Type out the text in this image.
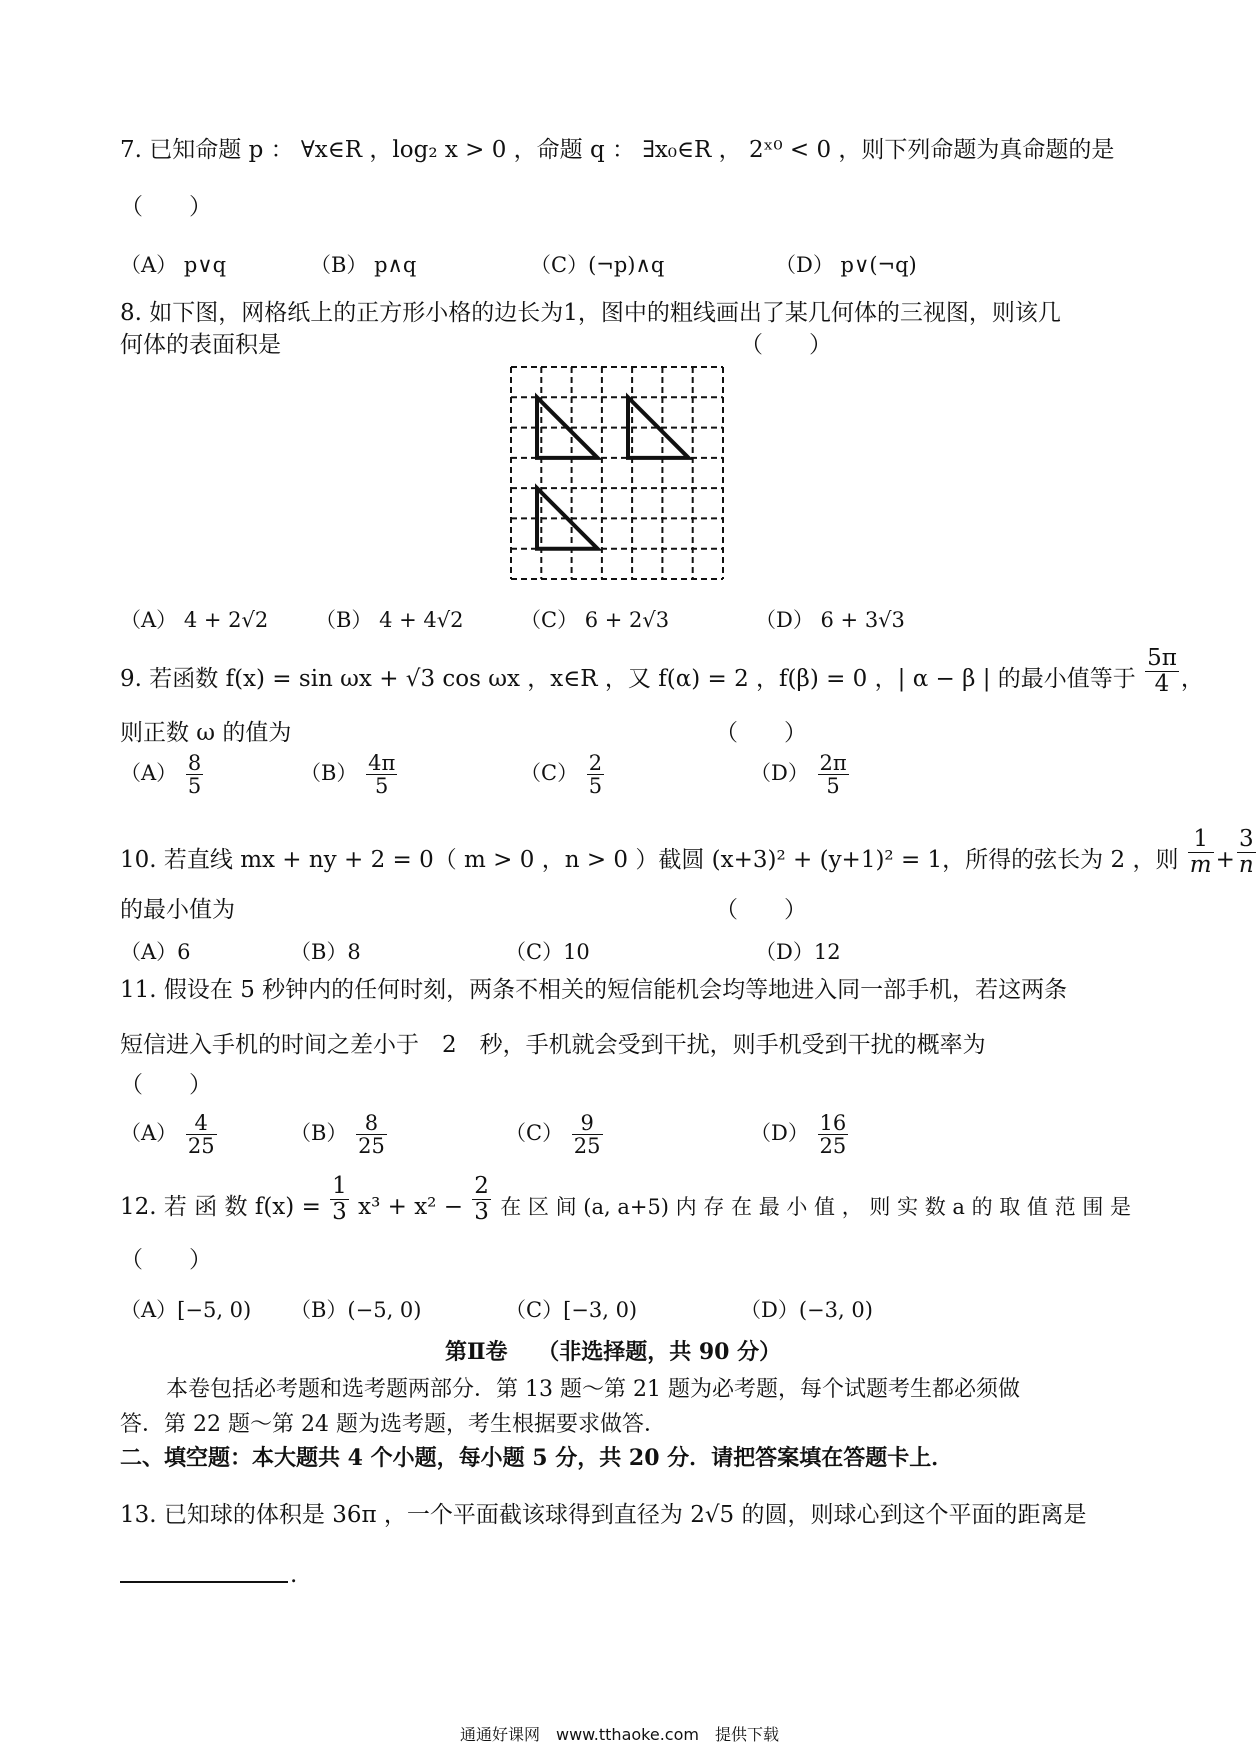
7. 已知命题 p ： ∀x∈R ，log₂ x > 0 ，命题 q ： ∃x₀∈R ， 2ˣ⁰ < 0 ，则下列命题为真命题的是
（　　）
（A） p∨q	（B） p∧q	（C）(¬p)∧q	（D） p∨(¬q)
8. 如下图，网格纸上的正方形小格的边长为1，图中的粗线画出了某几何体的三视图，则该几
何体的表面积是	（　　）
（A） 4 + 2√2 （B） 4 + 4√2	（C） 6 + 2√3	（D） 6 + 3√3
9. 若函数 f(x) = sin ωx + √3 cos ωx ，x∈R ，又 f(α) = 2 ，f(β) = 0 ，| α − β | 的最小值等于 $\frac{5\pi}{4}$ ，
则正数 ω 的值为	（　　）
$(A) \frac{8}{5}$	$(B) \frac{4\pi}{5}$	$(C) \frac{2}{5}$	$(D) \frac{2\pi}{5}$
10. 若直线 mx + ny + 2 = 0（ m > 0 ，n > 0 ）截圆 (x+3)² + (y+1)² = 1，所得的弦长为 2 ，则 $\frac{1}{m} + \frac{3}{n}$
的最小值为	（　　）
（A）6	（B）8	（C）10	（D）12
11. 假设在 5 秒钟内的任何时刻，两条不相关的短信能机会均等地进入同一部手机，若这两条
短信进入手机的时间之差小于　2　秒，手机就会受到干扰，则手机受到干扰的概率为
（　　）
$(A) \frac{4}{25}$	$(B) \frac{8}{25}$	$(C) \frac{9}{25}$	$(D) \frac{16}{25}$
12. 若 函 数 $f(x) = \frac{1}{3} x^3 + x^2 - \frac{2}{3}$ 在 区 间 (a, a+5) 内 存 在 最 小 值 ， 则 实 数 a 的 取 值 范 围 是
（　　）
（A）[−5, 0) （B）(−5, 0)	（C）[−3, 0)	（D）(−3, 0)
第Ⅱ卷　 （非选择题，共 90 分）
本卷包括必考题和选考题两部分．第 13 题～第 21 题为必考题，每个试题考生都必须做
答．第 22 题～第 24 题为选考题，考生根据要求做答．
二、填空题：本大题共 4 个小题，每小题 5 分，共 20 分．请把答案填在答题卡上．
13. 已知球的体积是 36π ，一个平面截该球得到直径为 2√5 的圆，则球心到这个平面的距离是
.
通通好课网　www.tthaoke.com　提供下载
